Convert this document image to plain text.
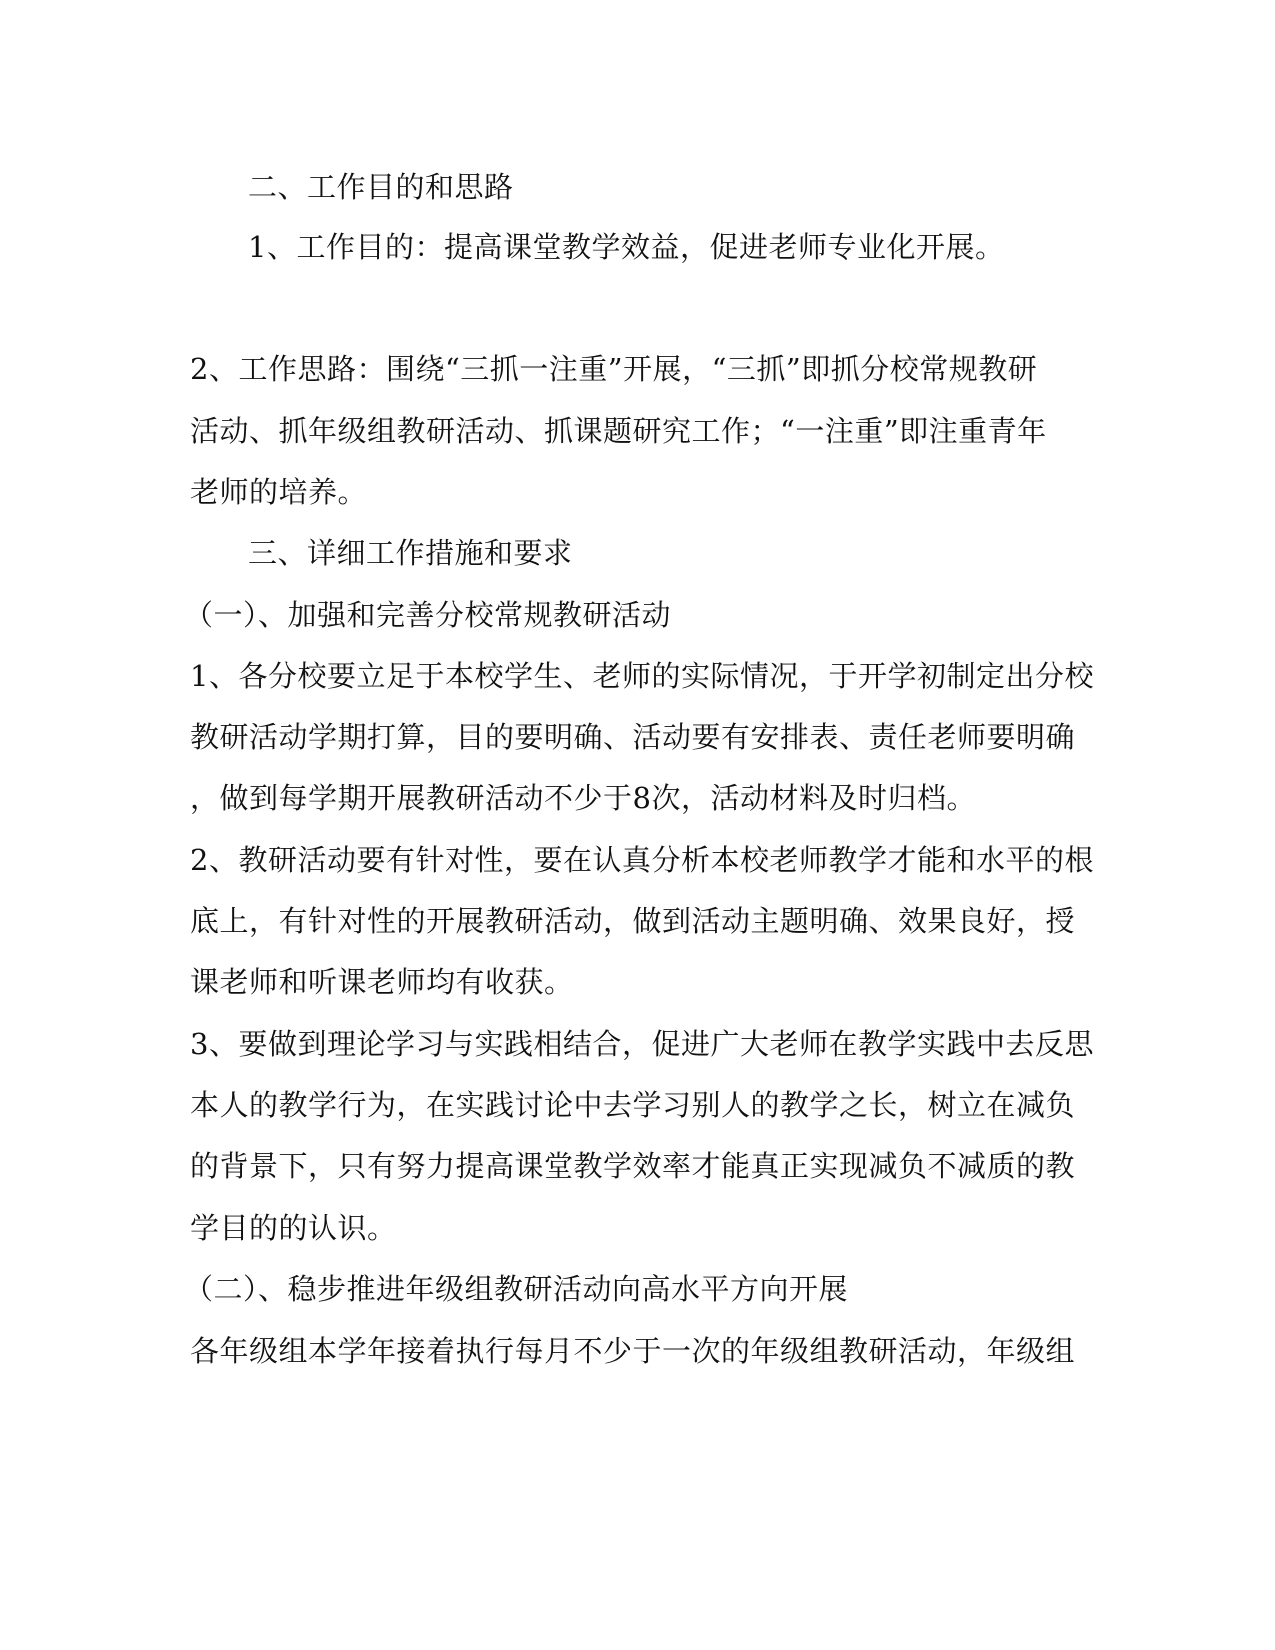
二、工作目的和思路
1、工作目的：提高课堂教学效益，促进老师专业化开展。
2、工作思路：围绕“三抓一注重”开展，“三抓”即抓分校常规教研
活动、抓年级组教研活动、抓课题研究工作；“一注重”即注重青年
老师的培养。
三、详细工作措施和要求
（一）、加强和完善分校常规教研活动
1、各分校要立足于本校学生、老师的实际情况，于开学初制定出分校
教研活动学期打算，目的要明确、活动要有安排表、责任老师要明确
，做到每学期开展教研活动不少于8次，活动材料及时归档。
2、教研活动要有针对性，要在认真分析本校老师教学才能和水平的根
底上，有针对性的开展教研活动，做到活动主题明确、效果良好，授
课老师和听课老师均有收获。
3、要做到理论学习与实践相结合，促进广大老师在教学实践中去反思
本人的教学行为，在实践讨论中去学习别人的教学之长，树立在减负
的背景下，只有努力提高课堂教学效率才能真正实现减负不减质的教
学目的的认识。
（二）、稳步推进年级组教研活动向高水平方向开展
各年级组本学年接着执行每月不少于一次的年级组教研活动，年级组
